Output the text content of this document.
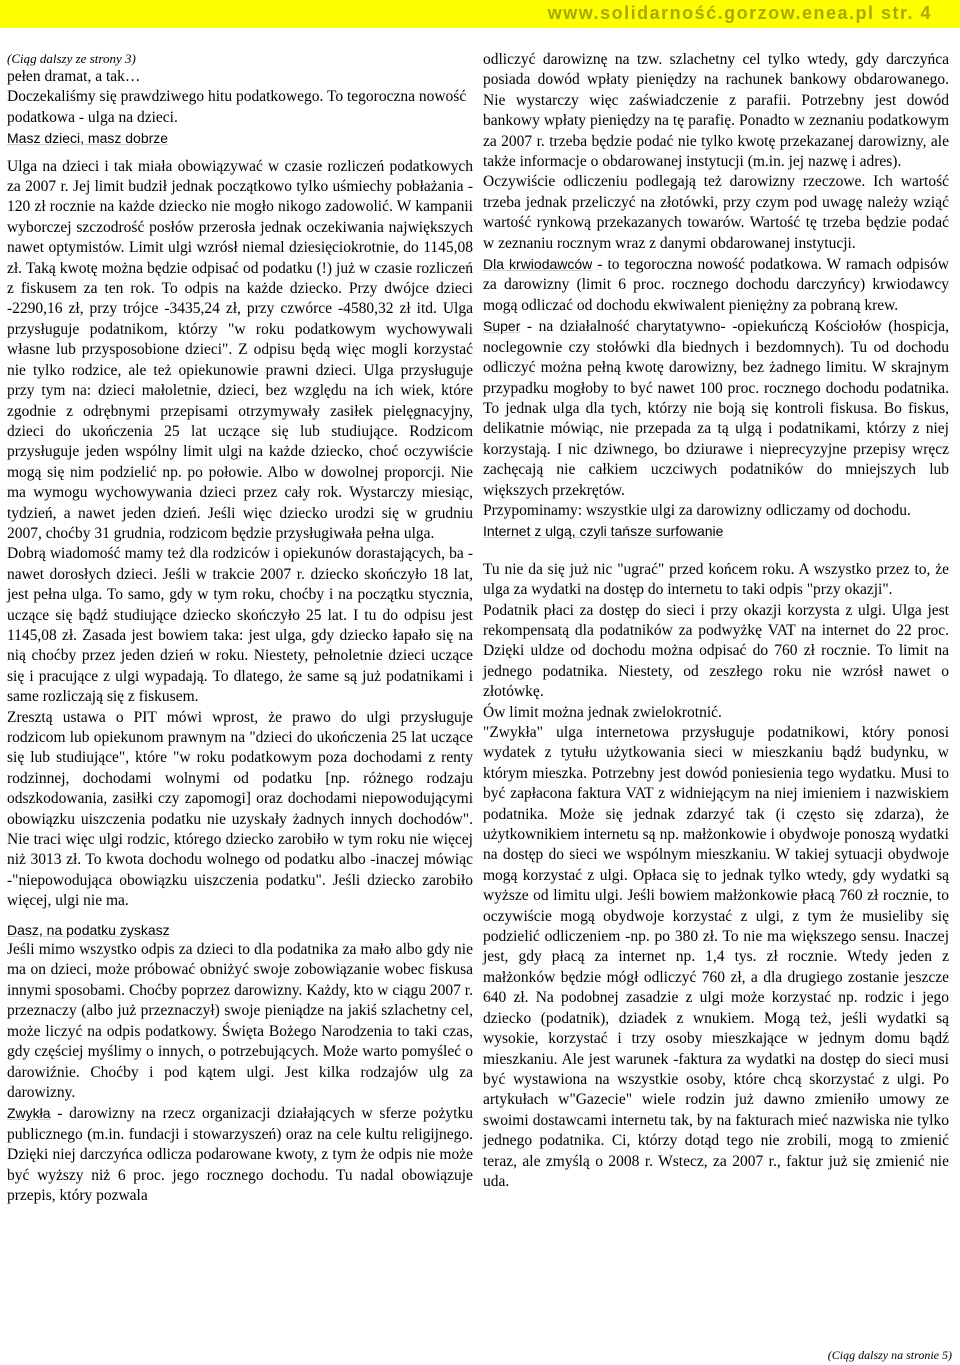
www.solidarność.gorzow.enea.pl str. 4
(Ciąg dalszy ze strony 3)

pełen dramat, a tak…

Doczekaliśmy się prawdziwego hitu podatkowego. To tegoroczna nowość podatkowa - ulga na dzieci.

Masz dzieci, masz dobrze

Ulga na dzieci i tak miała obowiązywać w czasie rozliczeń podatkowych za 2007 r. Jej limit budził jednak początkowo tylko uśmiechy pobłażania - 120 zł rocznie na każde dziecko nie mogło nikogo zadowolić. W kampanii wyborczej szczodrość posłów przerosła jednak oczekiwania największych nawet optymistów. Limit ulgi wzrósł niemal dziesięciokrotnie, do 1145,08 zł. Taką kwotę można będzie odpisać od podatku (!) już w czasie rozliczeń z fiskusem za ten rok. To odpis na każde dziecko. Przy dwójce dzieci -2290,16 zł, przy trójce -3435,24 zł, przy czwórce -4580,32 zł itd. Ulga przysługuje podatnikom, którzy "w roku podatkowym wychowywali własne lub przysposobione dzieci". Z odpisu będą więc mogli korzystać nie tylko rodzice, ale też opiekunowie prawni dzieci. Ulga przysługuje przy tym na: dzieci małoletnie, dzieci, bez względu na ich wiek, które zgodnie z odrębnymi przepisami otrzymywały zasiłek pielęgnacyjny, dzieci do ukończenia 25 lat uczące się lub studiujące. Rodzicom przysługuje jeden wspólny limit ulgi na każde dziecko, choć oczywiście mogą się nim podzielić np. po połowie. Albo w dowolnej proporcji. Nie ma wymogu wychowywania dzieci przez cały rok. Wystarczy miesiąc, tydzień, a nawet jeden dzień. Jeśli więc dziecko urodzi się w grudniu 2007, choćby 31 grudnia, rodzicom będzie przysługiwała pełna ulga.

Dobrą wiadomość mamy też dla rodziców i opiekunów dorastających, ba - nawet dorosłych dzieci. Jeśli w trakcie 2007 r. dziecko skończyło 18 lat, jest pełna ulga. To samo, gdy w tym roku, choćby i na początku stycznia, uczące się bądź studiujące dziecko skończyło 25 lat. I tu do odpisu jest 1145,08 zł. Zasada jest bowiem taka: jest ulga, gdy dziecko łapało się na nią choćby przez jeden dzień w roku. Niestety, pełnoletnie dzieci uczące się i pracujące z ulgi wypadają. To dlatego, że same są już podatnikami i same rozliczają się z fiskusem.

Zresztą ustawa o PIT mówi wprost, że prawo do ulgi przysługuje rodzicom lub opiekunom prawnym na "dzieci do ukończenia 25 lat uczące się lub studiujące", które "w roku podatkowym poza dochodami z renty rodzinnej, dochodami wolnymi od podatku [np. różnego rodzaju odszkodowania, zasiłki czy zapomogi] oraz dochodami niepowodującymi obowiązku uiszczenia podatku nie uzyskały żadnych innych dochodów". Nie traci więc ulgi rodzic, którego dziecko zarobiło w tym roku nie więcej niż 3013 zł. To kwota dochodu wolnego od podatku albo -inaczej mówiąc -"niepowodująca obowiązku uiszczenia podatku". Jeśli dziecko zarobiło więcej, ulgi nie ma.

Dasz, na podatku zyskasz

Jeśli mimo wszystko odpis za dzieci to dla podatnika za mało albo gdy nie ma on dzieci, może próbować obniżyć swoje zobowiązanie wobec fiskusa innymi sposobami. Choćby poprzez darowizny. Każdy, kto w ciągu 2007 r. przeznaczy (albo już przeznaczył) swoje pieniądze na jakiś szlachetny cel, może liczyć na odpis podatkowy. Święta Bożego Narodzenia to taki czas, gdy częściej myślimy o innych, o potrzebujących. Może warto pomyśleć o darowiźnie. Choćby i pod kątem ulgi. Jest kilka rodzajów ulg za darowizny.

Zwykła - darowizny na rzecz organizacji działających w sferze pożytku publicznego (m.in. fundacji i stowarzyszeń) oraz na cele kultu religijnego. Dzięki niej darczyńca odlicza podarowane kwoty, z tym że odpis nie może być wyższy niż 6 proc. jego rocznego dochodu. Tu nadal obowiązuje przepis, który pozwala

odliczyć darowiznę na tzw. szlachetny cel tylko wtedy, gdy darczyńca posiada dowód wpłaty pieniędzy na rachunek bankowy obdarowanego. Nie wystarczy więc zaświadczenie z parafii. Potrzebny jest dowód bankowy wpłaty pieniędzy na tę parafię. Ponadto w zeznaniu podatkowym za 2007 r. trzeba będzie podać nie tylko kwotę przekazanej darowizny, ale także informacje o obdarowanej instytucji (m.in. jej nazwę i adres).

Oczywiście odliczeniu podlegają też darowizny rzeczowe. Ich wartość trzeba jednak przeliczyć na złotówki, przy czym pod uwagę należy wziąć wartość rynkową przekazanych towarów. Wartość tę trzeba będzie podać w zeznaniu rocznym wraz z danymi obdarowanej instytucji.

Dla krwiodawców - to tegoroczna nowość podatkowa. W ramach odpisów za darowizny (limit 6 proc. rocznego dochodu darczyńcy) krwiodawcy mogą odliczać od dochodu ekwiwalent pieniężny za pobraną krew.

Super - na działalność charytatywno- -opiekuńczą Kościołów (hospicja, noclegownie czy stołówki dla biednych i bezdomnych). Tu od dochodu odliczyć można pełną kwotę darowizny, bez żadnego limitu. W skrajnym przypadku mogłoby to być nawet 100 proc. rocznego dochodu podatnika. To jednak ulga dla tych, którzy nie boją się kontroli fiskusa. Bo fiskus, delikatnie mówiąc, nie przepada za tą ulgą i podatnikami, którzy z niej korzystają. I nic dziwnego, bo dziurawe i nieprecyzyjne przepisy wręcz zachęcają nie całkiem uczciwych podatników do mniejszych lub większych przekrętów.

Przypominamy: wszystkie ulgi za darowizny odliczamy od dochodu.

Internet z ulgą, czyli tańsze surfowanie

Tu nie da się już nic "ugrać" przed końcem roku. A wszystko przez to, że ulga za wydatki na dostęp do internetu to taki odpis "przy okazji".

Podatnik płaci za dostęp do sieci i przy okazji korzysta z ulgi. Ulga jest rekompensatą dla podatników za podwyżkę VAT na internet do 22 proc. Dzięki uldze od dochodu można odpisać do 760 zł rocznie. To limit na jednego podatnika. Niestety, od zeszłego roku nie wzrósł nawet o złotówkę.

Ów limit można jednak zwielokrotnić.

"Zwykła" ulga internetowa przysługuje podatnikowi, który ponosi wydatek z tytułu użytkowania sieci w mieszkaniu bądź budynku, w którym mieszka. Potrzebny jest dowód poniesienia tego wydatku. Musi to być zapłacona faktura VAT z widniejącym na niej imieniem i nazwiskiem podatnika. Może się jednak zdarzyć tak (i często się zdarza), że użytkownikiem internetu są np. małżonkowie i obydwoje ponoszą wydatki na dostęp do sieci we wspólnym mieszkaniu. W takiej sytuacji obydwoje mogą korzystać z ulgi. Opłaca się to jednak tylko wtedy, gdy wydatki są wyższe od limitu ulgi. Jeśli bowiem małżonkowie płacą 760 zł rocznie, to oczywiście mogą obydwoje korzystać z ulgi, z tym że musieliby się podzielić odliczeniem -np. po 380 zł. To nie ma większego sensu. Inaczej jest, gdy płacą za internet np. 1,4 tys. zł rocznie. Wtedy jeden z małżonków będzie mógł odliczyć 760 zł, a dla drugiego zostanie jeszcze 640 zł. Na podobnej zasadzie z ulgi może korzystać np. rodzic i jego dziecko (podatnik), dziadek z wnukiem. Mogą też, jeśli wydatki są wysokie, korzystać i trzy osoby mieszkające w jednym domu bądź mieszkaniu. Ale jest warunek -faktura za wydatki na dostęp do sieci musi być wystawiona na wszystkie osoby, które chcą skorzystać z ulgi. Po artykułach w"Gazecie" wiele rodzin już dawno zmieniło umowy ze swoimi dostawcami internetu tak, by na fakturach mieć nazwiska nie tylko jednego podatnika. Ci, którzy dotąd tego nie zrobili, mogą to zmienić teraz, ale zmyślą o 2008 r. Wstecz, za 2007 r., faktur już się zmienić nie uda.

(Ciąg dalszy na stronie 5)
